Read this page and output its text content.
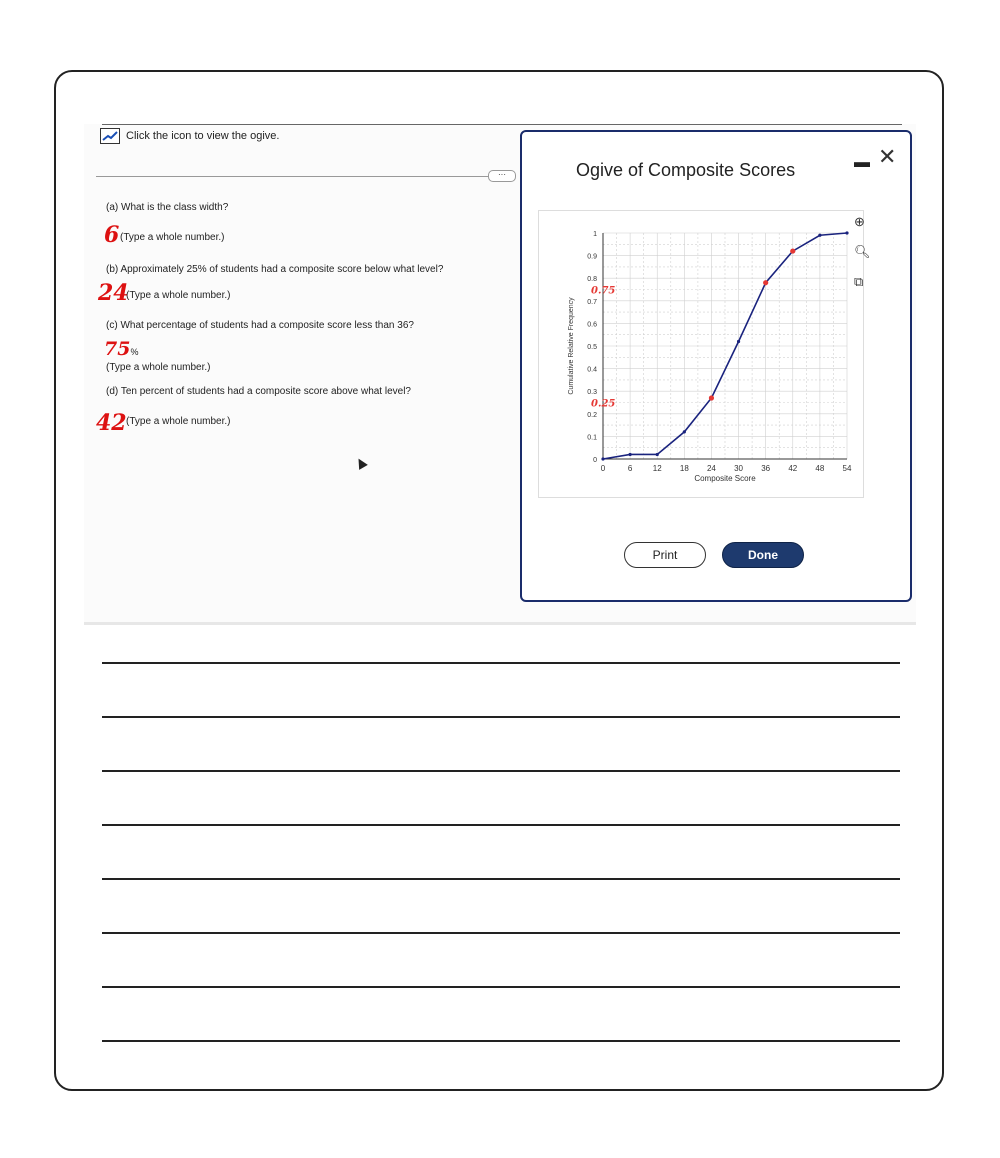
Click the icon to view the ogive.
···
(a) What is the class width?
6 (Type a whole number.)
(b) Approximately 25% of students had a composite score below what level?
24
(Type a whole number.)
(c) What percentage of students had a composite score less than 36?
75%
(Type a whole number.)
(d) Ten percent of students had a composite score above what level?
42 (Type a whole number.)
Ogive of Composite Scores	▬ ✕
0	6	12 18 24 30 36 42 48 54
0
0.1
0.2
0.3
0.4
0.5
0.6
0.7
0.8
0.9
1
Composite Score
Cumulative Relative Frequency
0.75
0.25
⊕
🔍︎
⧉
Print	Done
